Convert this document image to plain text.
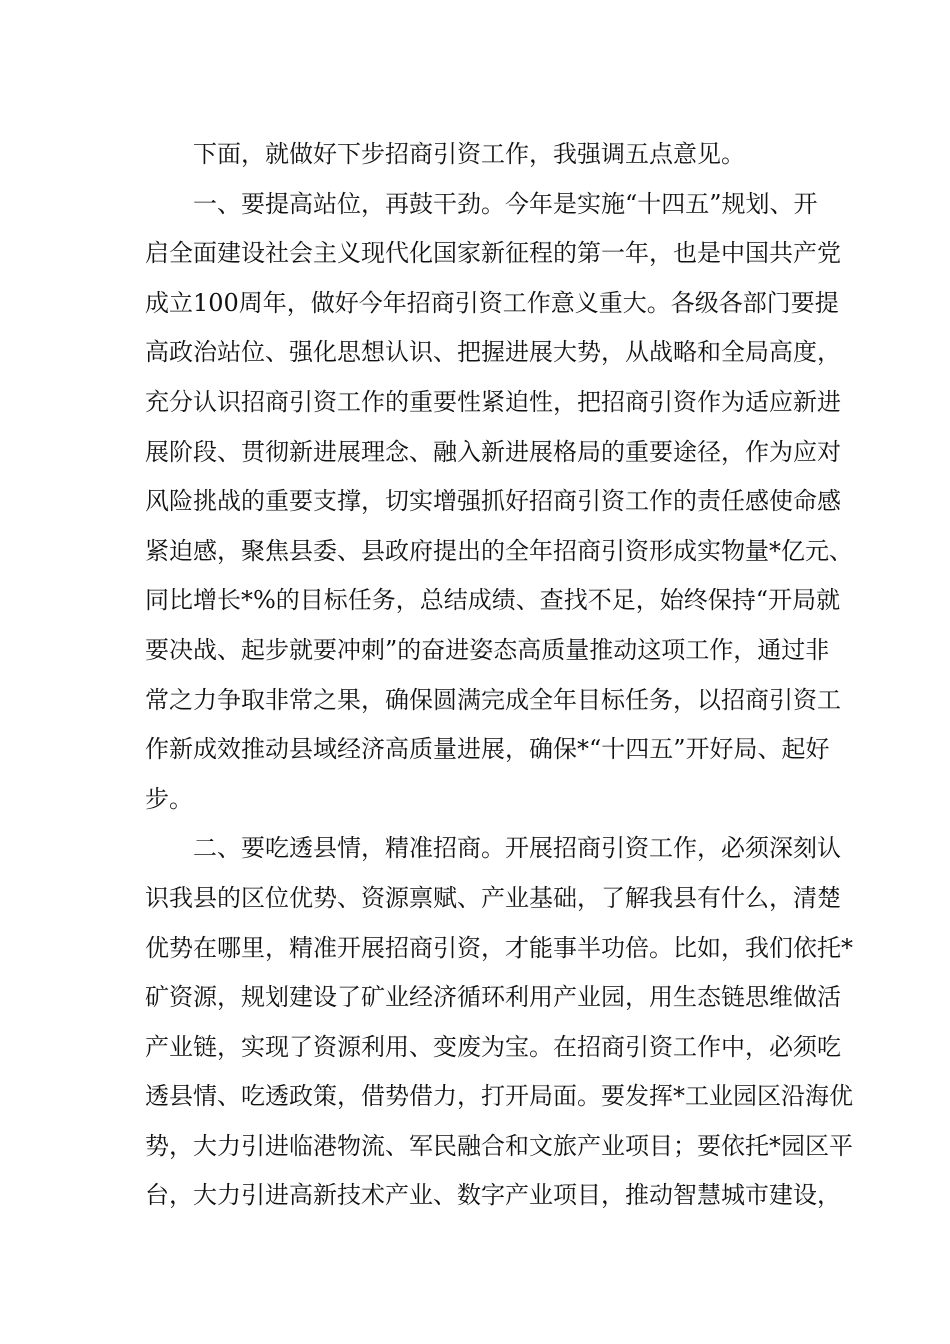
下面，就做好下步招商引资工作，我强调五点意见。
一、要提高站位，再鼓干劲。今年是实施“十四五”规划、开
启全面建设社会主义现代化国家新征程的第一年，也是中国共产党
成立100周年，做好今年招商引资工作意义重大。各级各部门要提
高政治站位、强化思想认识、把握进展大势，从战略和全局高度，
充分认识招商引资工作的重要性紧迫性，把招商引资作为适应新进
展阶段、贯彻新进展理念、融入新进展格局的重要途径，作为应对
风险挑战的重要支撑，切实增强抓好招商引资工作的责任感使命感
紧迫感，聚焦县委、县政府提出的全年招商引资形成实物量*亿元、
同比增长*%的目标任务，总结成绩、查找不足，始终保持“开局就
要决战、起步就要冲刺”的奋进姿态高质量推动这项工作，通过非
常之力争取非常之果，确保圆满完成全年目标任务，以招商引资工
作新成效推动县域经济高质量进展，确保*“十四五”开好局、起好
步。
二、要吃透县情，精准招商。开展招商引资工作，必须深刻认
识我县的区位优势、资源禀赋、产业基础，了解我县有什么，清楚
优势在哪里，精准开展招商引资，才能事半功倍。比如，我们依托*
矿资源，规划建设了矿业经济循环利用产业园，用生态链思维做活
产业链，实现了资源利用、变废为宝。在招商引资工作中，必须吃
透县情、吃透政策，借势借力，打开局面。要发挥*工业园区沿海优
势，大力引进临港物流、军民融合和文旅产业项目；要依托*园区平
台，大力引进高新技术产业、数字产业项目，推动智慧城市建设，
